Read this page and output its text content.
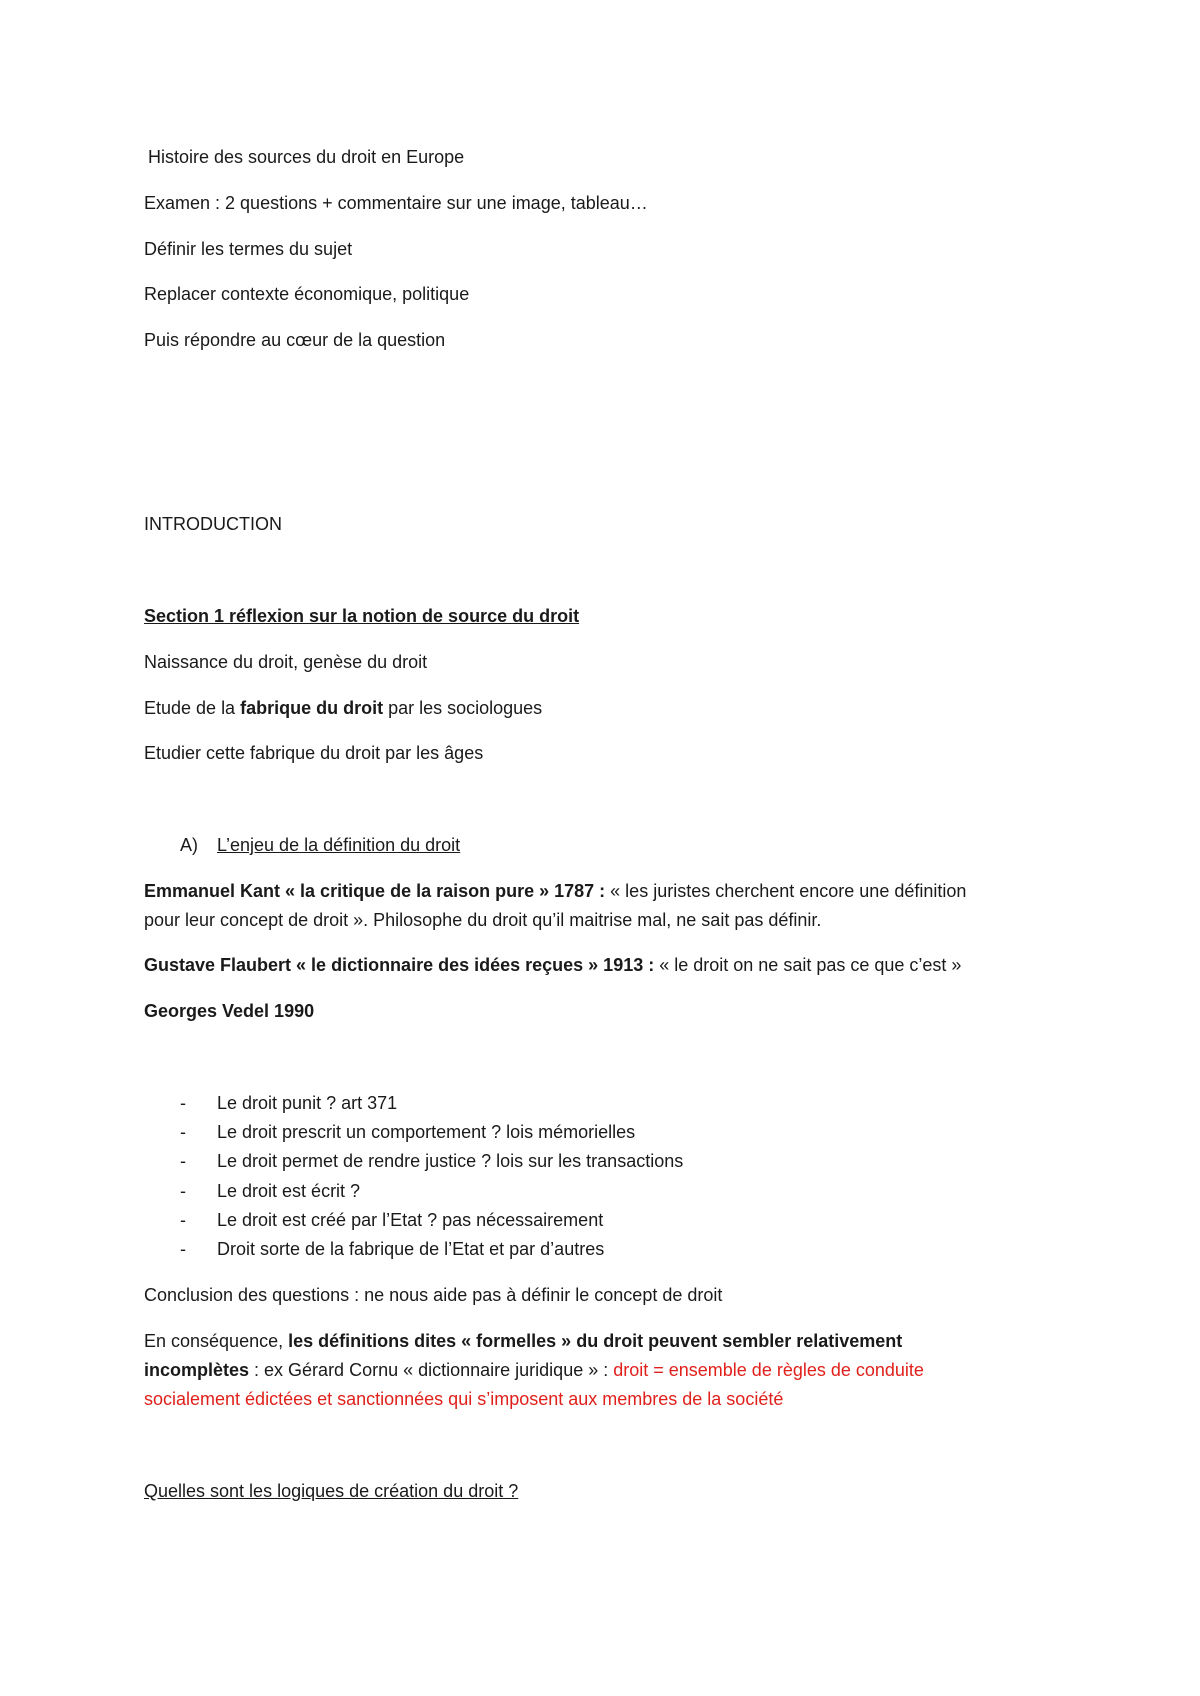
Histoire des sources du droit en Europe
Examen : 2 questions + commentaire sur une image, tableau…
Définir les termes du sujet
Replacer contexte économique, politique
Puis répondre au cœur de la question
INTRODUCTION
Section 1 réflexion sur la notion de source du droit
Naissance du droit, genèse du droit
Etude de la fabrique du droit par les sociologues
Etudier cette fabrique du droit par les âges
A) L’enjeu de la définition du droit
Emmanuel Kant « la critique de la raison pure » 1787 : « les juristes cherchent encore une définition
pour leur concept de droit ». Philosophe du droit qu’il maitrise mal, ne sait pas définir.
Gustave Flaubert « le dictionnaire des idées reçues » 1913 : « le droit on ne sait pas ce que c’est »
Georges Vedel 1990
-	Le droit punit ? art 371
-	Le droit prescrit un comportement ? lois mémorielles
-	Le droit permet de rendre justice ? lois sur les transactions
-	Le droit est écrit ?
-	Le droit est créé par l’Etat ? pas nécessairement
-	Droit sorte de la fabrique de l’Etat et par d’autres
Conclusion des questions : ne nous aide pas à définir le concept de droit
En conséquence, les définitions dites « formelles » du droit peuvent sembler relativement
incomplètes : ex Gérard Cornu « dictionnaire juridique » : droit = ensemble de règles de conduite
socialement édictées et sanctionnées qui s’imposent aux membres de la société
Quelles sont les logiques de création du droit ?
